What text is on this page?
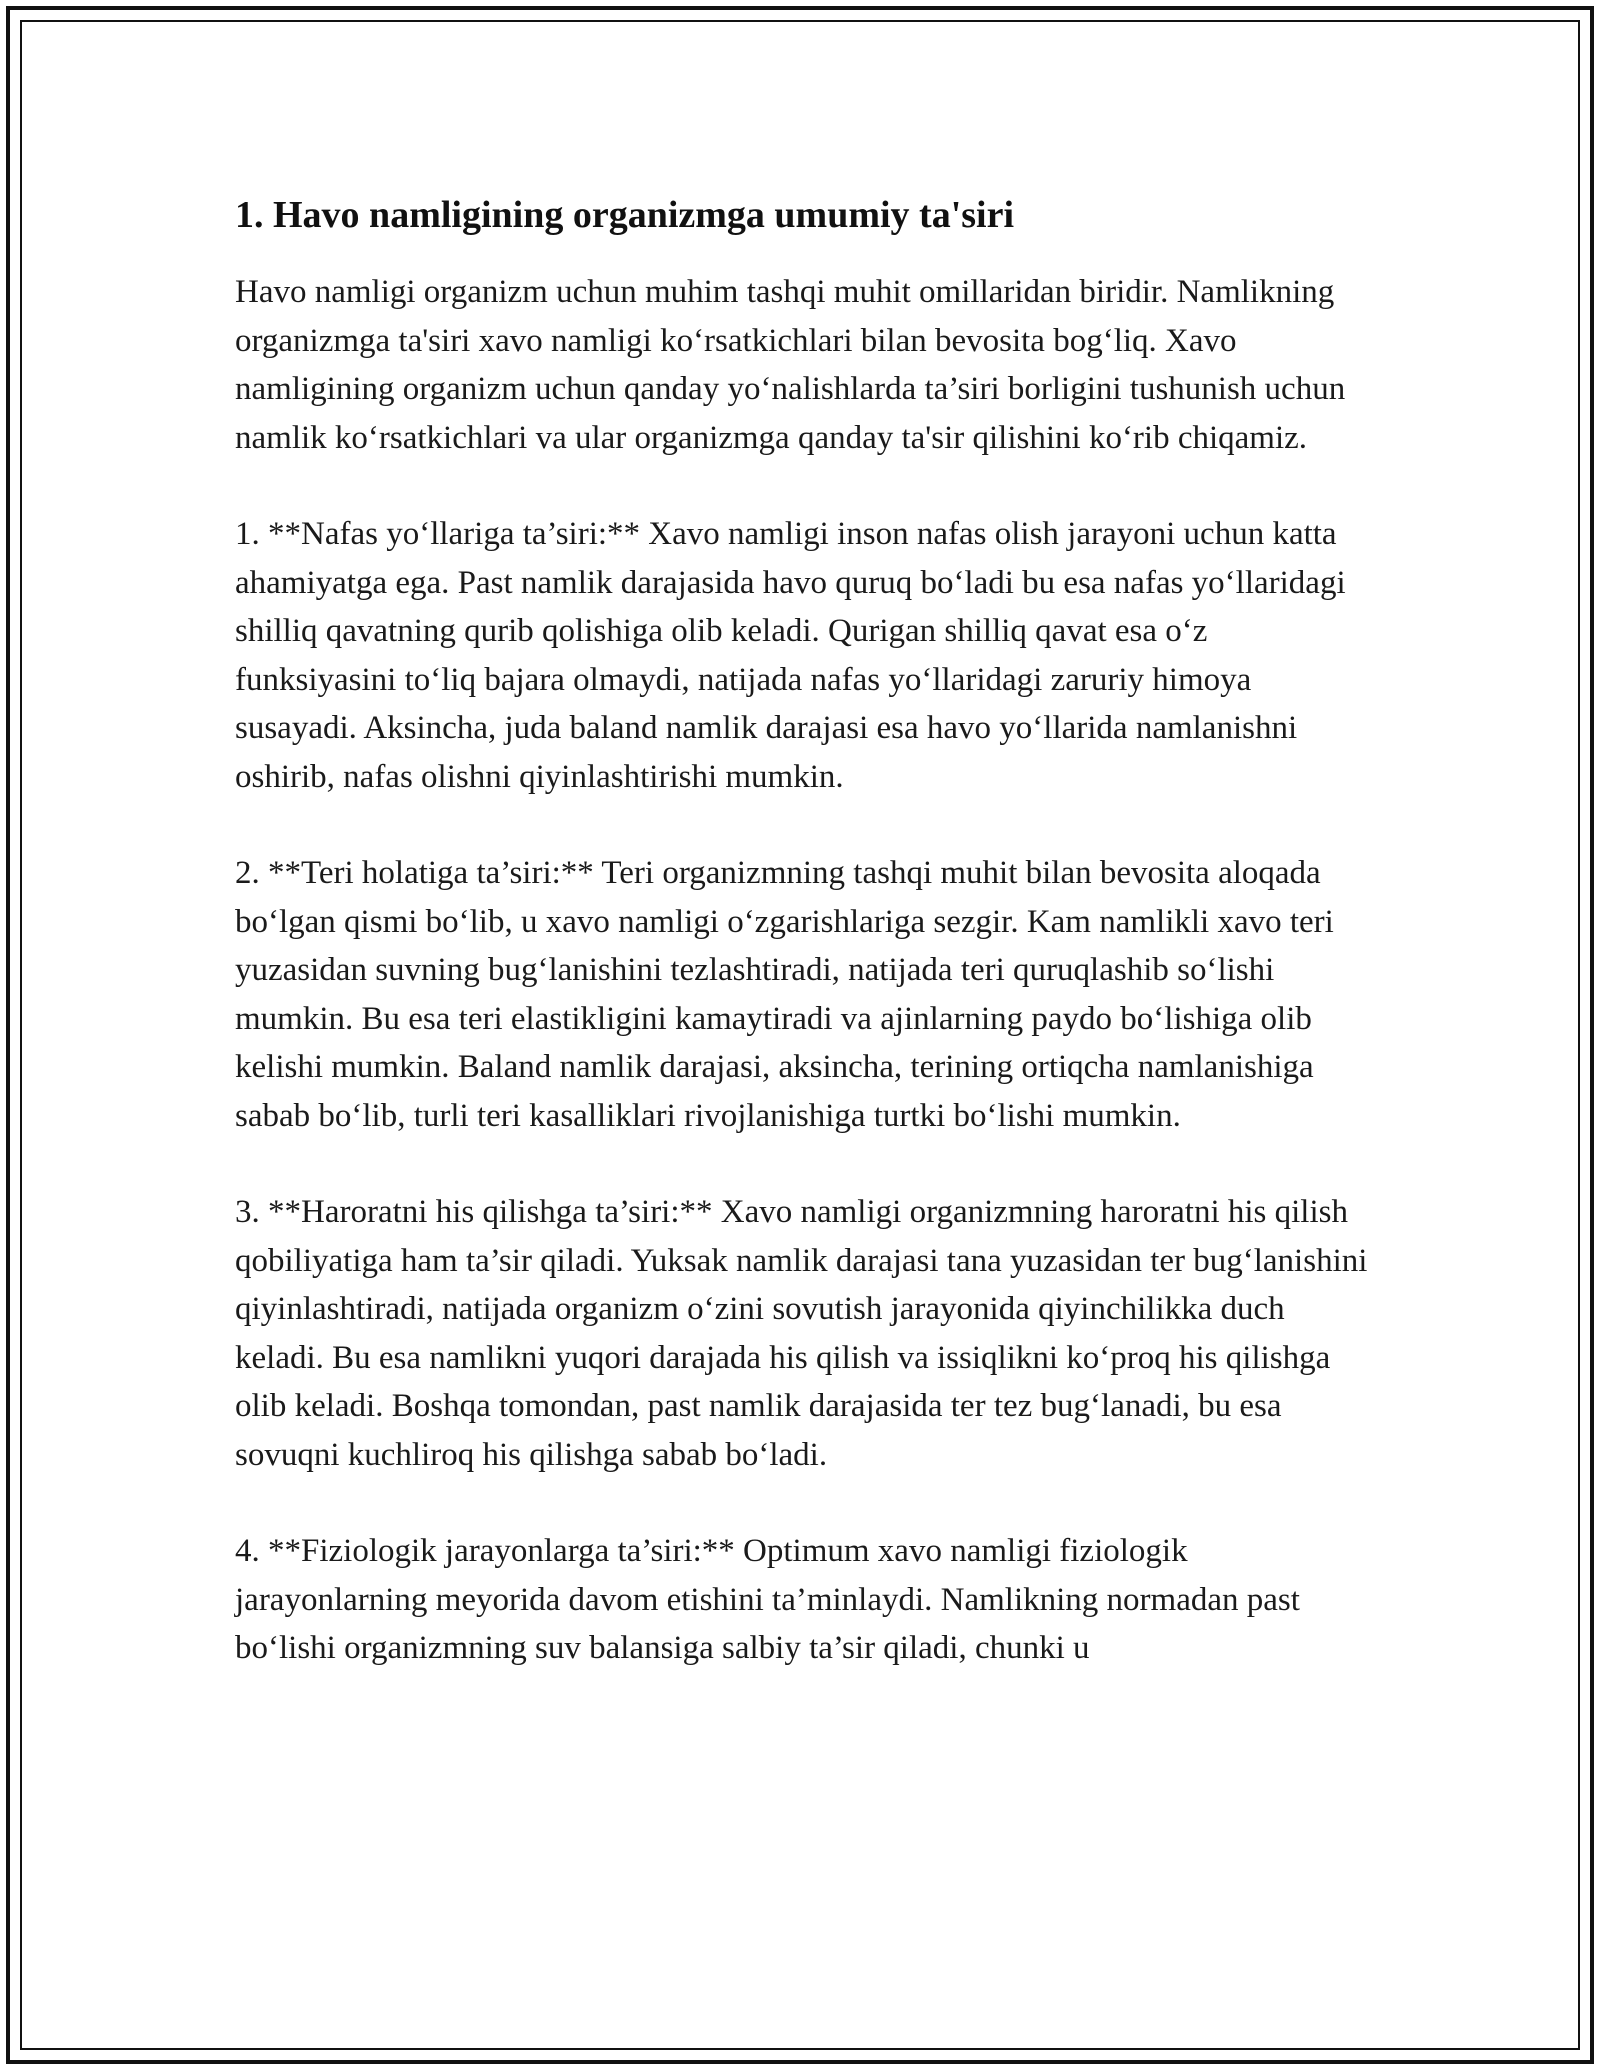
1. Havo namligining organizmga umumiy ta'siri

Havo namligi organizm uchun muhim tashqi muhit omillaridan biridir. Namlikning organizmga ta'siri xavo namligi ko‘rsatkichlari bilan bevosita bog‘liq. Xavo namligining organizm uchun qanday yo‘nalishlarda ta’siri borligini tushunish uchun namlik ko‘rsatkichlari va ular organizmga qanday ta'sir qilishini ko‘rib chiqamiz.

1. **Nafas yo‘llariga ta’siri:** Xavo namligi inson nafas olish jarayoni uchun katta ahamiyatga ega. Past namlik darajasida havo quruq bo‘ladi bu esa nafas yo‘llaridagi shilliq qavatning qurib qolishiga olib keladi. Qurigan shilliq qavat esa o‘z funksiyasini to‘liq bajara olmaydi, natijada nafas yo‘llaridagi zaruriy himoya susayadi. Aksincha, juda baland namlik darajasi esa havo yo‘llarida namlanishni oshirib, nafas olishni qiyinlashtirishi mumkin.

2. **Teri holatiga ta’siri:** Teri organizmning tashqi muhit bilan bevosita aloqada bo‘lgan qismi bo‘lib, u xavo namligi o‘zgarishlariga sezgir. Kam namlikli xavo teri yuzasidan suvning bug‘lanishini tezlashtiradi, natijada teri quruqlashib so‘lishi mumkin. Bu esa teri elastikligini kamaytiradi va ajinlarning paydo bo‘lishiga olib kelishi mumkin. Baland namlik darajasi, aksincha, terining ortiqcha namlanishiga sabab bo‘lib, turli teri kasalliklari rivojlanishiga turtki bo‘lishi mumkin.

3. **Haroratni his qilishga ta’siri:** Xavo namligi organizmning haroratni his qilish qobiliyatiga ham ta’sir qiladi. Yuksak namlik darajasi tana yuzasidan ter bug‘lanishini qiyinlashtiradi, natijada organizm o‘zini sovutish jarayonida qiyinchilikka duch keladi. Bu esa namlikni yuqori darajada his qilish va issiqlikni ko‘proq his qilishga olib keladi. Boshqa tomondan, past namlik darajasida ter tez bug‘lanadi, bu esa sovuqni kuchliroq his qilishga sabab bo‘ladi.

4. **Fiziologik jarayonlarga ta’siri:** Optimum xavo namligi fiziologik jarayonlarning meyorida davom etishini ta’minlaydi. Namlikning normadan past bo‘lishi organizmning suv balansiga salbiy ta’sir qiladi, chunki u
